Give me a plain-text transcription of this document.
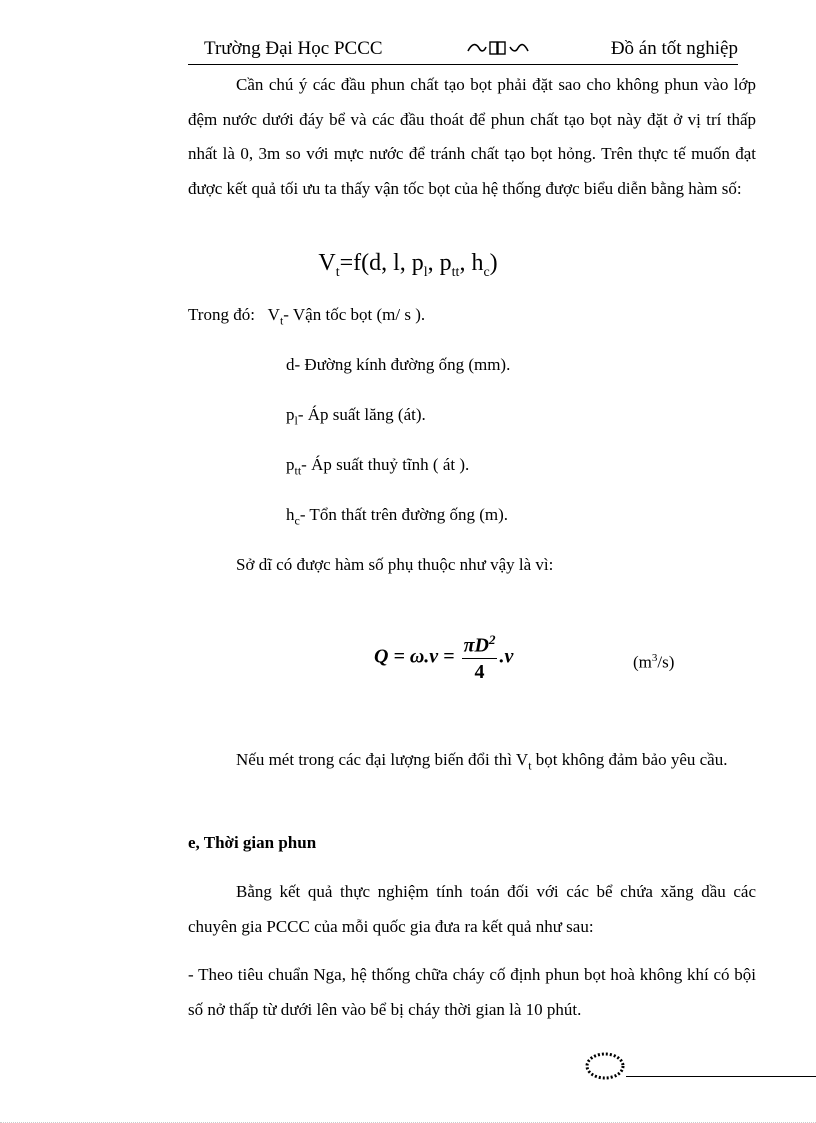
Trường Đại Học PCCC	Đồ án tốt nghiệp

Cần chú ý các đầu phun chất tạo bọt phải đặt sao cho không phun vào lớp đệm nước dưới đáy bể và các đầu thoát để phun chất tạo bọt này đặt ở vị trí thấp nhất là 0, 3m so với mực nước để tránh chất tạo bọt hỏng. Trên thực tế muốn đạt được kết quả tối ưu ta thấy vận tốc bọt của hệ thống được biểu diễn bằng hàm số:

$V_t=f(d$, l, $p_l$, $p_{tt}$, $h_c$)
Trong đó: $V_t-$ Vận tốc bọt (m/ s ).
d- Đường kính đường ống (mm).
$p_l-$ Áp suất lăng (át).
$p_{tt}-$ Áp suất thuỷ tĩnh ( át ).
$h_c-$ Tổn thất trên đường ống (m).
Sở dĩ có được hàm số phụ thuộc như vậy là vì:
$Q = \omega.v = \frac{\pi D^2}{4} .v$	$(m^3/s)$

Nếu mét trong các đại lượng biến đổi thì $V_t$ bọt không đảm bảo yêu cầu.

e, Thời gian phun

Bằng kết quả thực nghiệm tính toán đối với các bể chứa xăng dầu các chuyên gia PCCC của mỗi quốc gia đưa ra kết quả như sau:

- Theo tiêu chuẩn Nga, hệ thống chữa cháy cố định phun bọt hoà không khí có bội số nở thấp từ dưới lên vào bể bị cháy thời gian là 10 phút.
